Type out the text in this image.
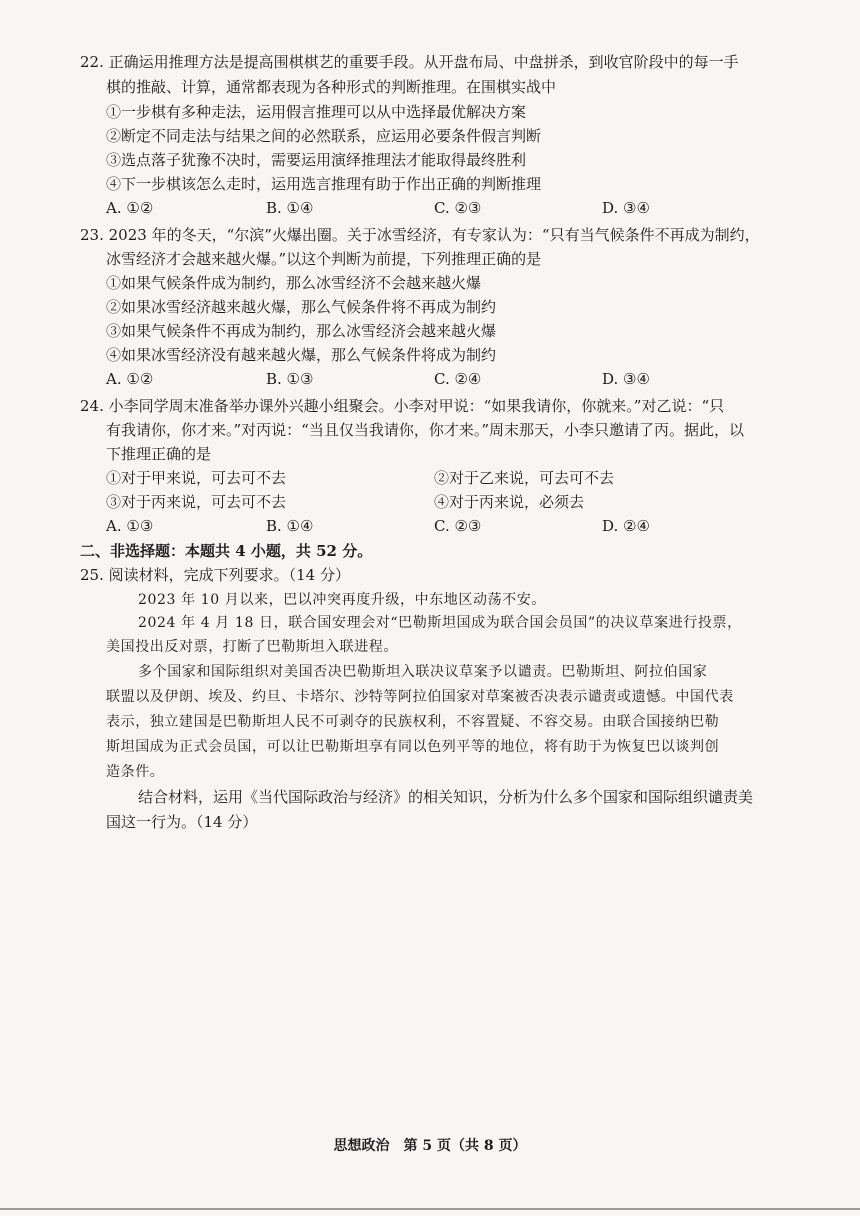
22. 正确运用推理方法是提高围棋棋艺的重要手段。从开盘布局、中盘拼杀，到收官阶段中的每一手
棋的推敲、计算，通常都表现为各种形式的判断推理。在围棋实战中
①一步棋有多种走法，运用假言推理可以从中选择最优解决方案
②断定不同走法与结果之间的必然联系，应运用必要条件假言判断
③选点落子犹豫不决时，需要运用演绎推理法才能取得最终胜利
④下一步棋该怎么走时，运用选言推理有助于作出正确的判断推理
A. ①②	B. ①④	C. ②③	D. ③④
23. 2023 年的冬天，“尔滨”火爆出圈。关于冰雪经济，有专家认为：“只有当气候条件不再成为制约，
冰雪经济才会越来越火爆。”以这个判断为前提，下列推理正确的是
①如果气候条件成为制约，那么冰雪经济不会越来越火爆
②如果冰雪经济越来越火爆，那么气候条件将不再成为制约
③如果气候条件不再成为制约，那么冰雪经济会越来越火爆
④如果冰雪经济没有越来越火爆，那么气候条件将成为制约
A. ①②	B. ①③	C. ②④	D. ③④
24. 小李同学周末准备举办课外兴趣小组聚会。小李对甲说：“如果我请你，你就来。”对乙说：“只
有我请你，你才来。”对丙说：“当且仅当我请你，你才来。”周末那天，小李只邀请了丙。据此，以
下推理正确的是
①对于甲来说，可去可不去	②对于乙来说，可去可不去
③对于丙来说，可去可不去	④对于丙来说，必须去
A. ①③	B. ①④	C. ②③	D. ②④
二、非选择题：本题共 4 小题，共 52 分。
25. 阅读材料，完成下列要求。（14 分）
2023 年 10 月以来，巴以冲突再度升级，中东地区动荡不安。
2024 年 4 月 18 日，联合国安理会对“巴勒斯坦国成为联合国会员国”的决议草案进行投票，
美国投出反对票，打断了巴勒斯坦入联进程。
多个国家和国际组织对美国否决巴勒斯坦入联决议草案予以谴责。巴勒斯坦、阿拉伯国家
联盟以及伊朗、埃及、约旦、卡塔尔、沙特等阿拉伯国家对草案被否决表示谴责或遗憾。中国代表
表示，独立建国是巴勒斯坦人民不可剥夺的民族权利，不容置疑、不容交易。由联合国接纳巴勒
斯坦国成为正式会员国，可以让巴勒斯坦享有同以色列平等的地位，将有助于为恢复巴以谈判创
造条件。
结合材料，运用《当代国际政治与经济》的相关知识，分析为什么多个国家和国际组织谴责美
国这一行为。（14 分）
思想政治　第 5 页（共 8 页）
